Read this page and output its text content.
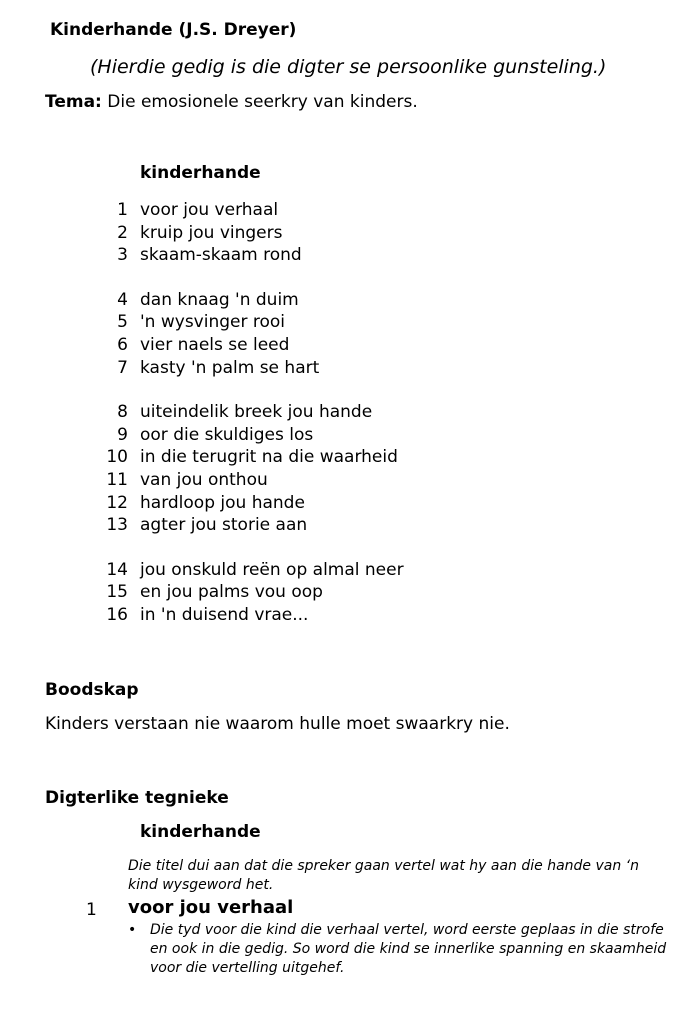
Kinderhande (J.S. Dreyer)
(Hierdie gedig is die digter se persoonlike gunsteling.)
Tema: Die emosionele seerkry van kinders.
kinderhande
1 voor jou verhaal
2 kruip jou vingers
3 skaam-skaam rond
4 dan knaag 'n duim
5 'n wysvinger rooi
6 vier naels se leed
7 kasty 'n palm se hart
8 uiteindelik breek jou hande
9 oor die skuldiges los
10 in die terugrit na die waarheid
11 van jou onthou
12 hardloop jou hande
13 agter jou storie aan
14 jou onskuld reën op almal neer
15 en jou palms vou oop
16 in 'n duisend vrae...
Boodskap
Kinders verstaan nie waarom hulle moet swaarkry nie.
Digterlike tegnieke
kinderhande
Die titel dui aan dat die spreker gaan vertel wat hy aan die hande van ‘n kind wysgeword het.
1 voor jou verhaal
• Die tyd voor die kind die verhaal vertel, word eerste geplaas in die strofe en ook in die gedig. So word die kind se innerlike spanning en skaamheid voor die vertelling uitgehef.
